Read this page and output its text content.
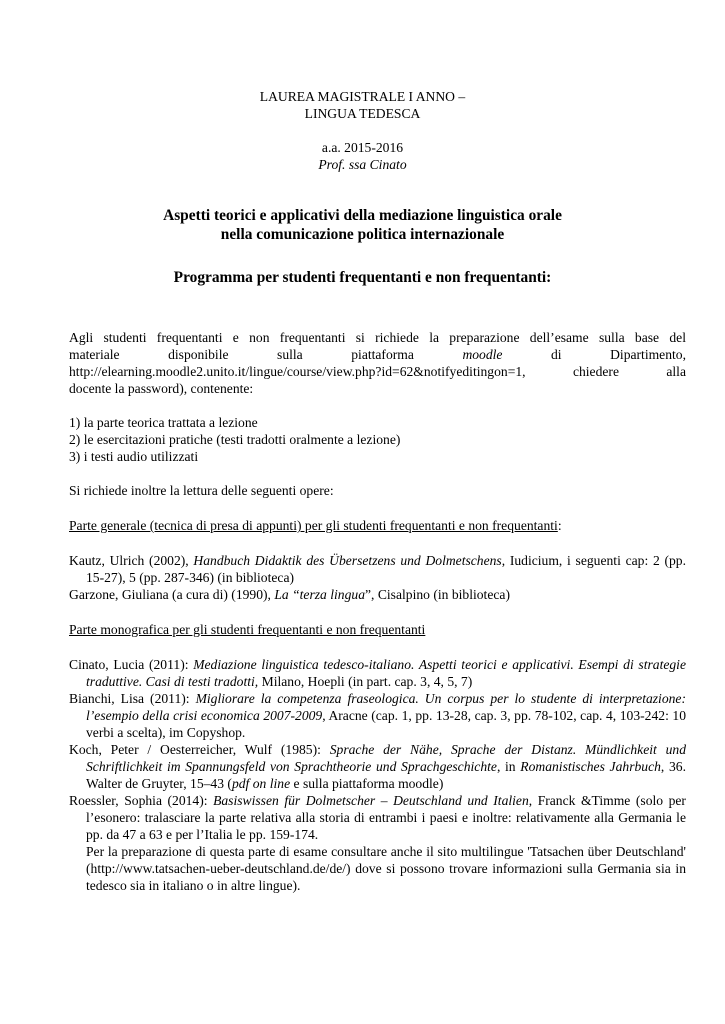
LAUREA MAGISTRALE I ANNO –

LINGUA TEDESCA

a.a. 2015-2016

Prof. ssa Cinato

Aspetti teorici e applicativi della mediazione linguistica orale

nella comunicazione politica internazionale

Programma per studenti frequentanti e non frequentanti:

Agli studenti frequentanti e non frequentanti si richiede la preparazione dell’esame sulla base del

materiale disponibile sulla piattaforma	moodle	di Dipartimento,

http://elearning.moodle2.unito.it/lingue/course/view.php?id=62&notifyeditingon=1, chiedere alla

docente la password), contenente:

1) la parte teorica trattata a lezione

2) le esercitazioni pratiche (testi tradotti oralmente a lezione)

3) i testi audio utilizzati

Si richiede inoltre la lettura delle seguenti opere:

Parte generale (tecnica di presa di appunti) per gli studenti frequentanti e non frequentanti:

Kautz, Ulrich (2002), Handbuch Didaktik des Übersetzens und Dolmetschens, Iudicium, i seguenti cap: 2 (pp. 15-27), 5 (pp. 287-346) (in biblioteca)

Garzone, Giuliana (a cura di) (1990), La “terza lingua”, Cisalpino (in biblioteca)

Parte monografica per gli studenti frequentanti e non frequentanti

Cinato, Lucia (2011): Mediazione linguistica tedesco-italiano. Aspetti teorici e applicativi. Esempi di strategie traduttive. Casi di testi tradotti, Milano, Hoepli (in part. cap. 3, 4, 5, 7)

Bianchi, Lisa (2011): Migliorare la competenza fraseologica. Un corpus per lo studente di interpretazione: l’esempio della crisi economica 2007-2009, Aracne (cap. 1, pp. 13-28, cap. 3, pp. 78-102, cap. 4, 103-242: 10 verbi a scelta), im Copyshop.

Koch, Peter / Oesterreicher, Wulf (1985): Sprache der Nähe, Sprache der Distanz. Mündlichkeit und Schriftlichkeit im Spannungsfeld von Sprachtheorie und Sprachgeschichte, in Romanistisches Jahrbuch, 36. Walter de Gruyter, 15–43 (pdf on line e sulla piattaforma moodle)

Roessler, Sophia (2014): Basiswissen für Dolmetscher – Deutschland und Italien, Franck &Timme (solo per l’esonero: tralasciare la parte relativa alla storia di entrambi i paesi e inoltre: relativamente alla Germania le pp. da 47 a 63 e per l’Italia le pp. 159-174.

Per la preparazione di questa parte di esame consultare anche il sito multilingue 'Tatsachen über Deutschland' (http://www.tatsachen-ueber-deutschland.de/de/) dove si possono trovare informazioni sulla Germania sia in tedesco sia in italiano o in altre lingue).
